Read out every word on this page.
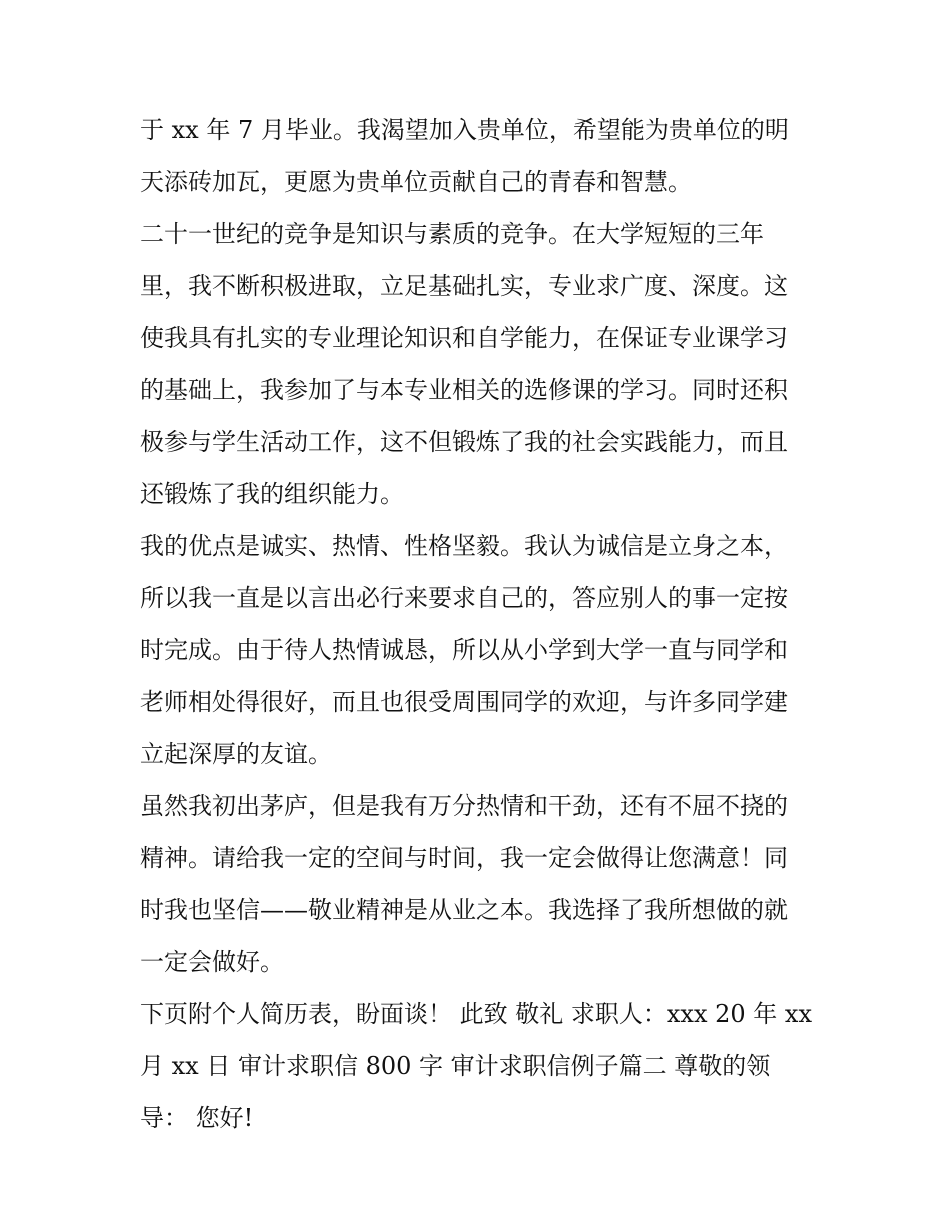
于 xx 年 7 月毕业。我渴望加入贵单位，希望能为贵单位的明
天添砖加瓦，更愿为贵单位贡献自己的青春和智慧。
二十一世纪的竞争是知识与素质的竞争。在大学短短的三年
里，我不断积极进取，立足基础扎实，专业求广度、深度。这
使我具有扎实的专业理论知识和自学能力，在保证专业课学习
的基础上，我参加了与本专业相关的选修课的学习。同时还积
极参与学生活动工作，这不但锻炼了我的社会实践能力，而且
还锻炼了我的组织能力。
我的优点是诚实、热情、性格坚毅。我认为诚信是立身之本，
所以我一直是以言出必行来要求自己的，答应别人的事一定按
时完成。由于待人热情诚恳，所以从小学到大学一直与同学和
老师相处得很好，而且也很受周围同学的欢迎，与许多同学建
立起深厚的友谊。
虽然我初出茅庐，但是我有万分热情和干劲，还有不屈不挠的
精神。请给我一定的空间与时间，我一定会做得让您满意！同
时我也坚信——敬业精神是从业之本。我选择了我所想做的就
一定会做好。
下页附个人简历表，盼面谈！ 此致 敬礼 求职人：xxx 20 年 xx
月 xx 日 审计求职信 800 字 审计求职信例子篇二 尊敬的领
导： 您好!
